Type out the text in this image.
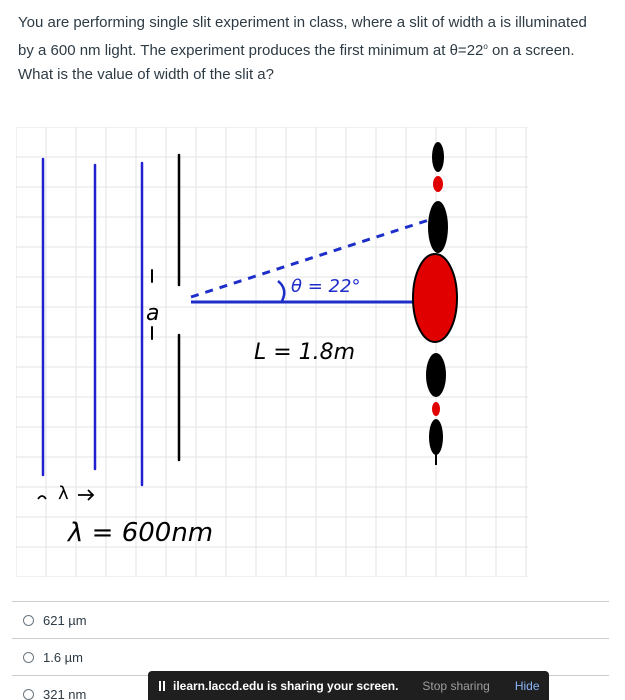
You are performing single slit experiment in class, where a slit of width a is illuminated

by a 600 nm light. The experiment produces the first minimum at $\theta=22^o$ on a screen.

What is the value of width of the slit a?

a
θ = 22°
L = 1.8m
λ
λ = 600nm
621 µm
1.6 µm
321 nm
ilearn.laccd.edu is sharing your screen. Stop sharing Hide
